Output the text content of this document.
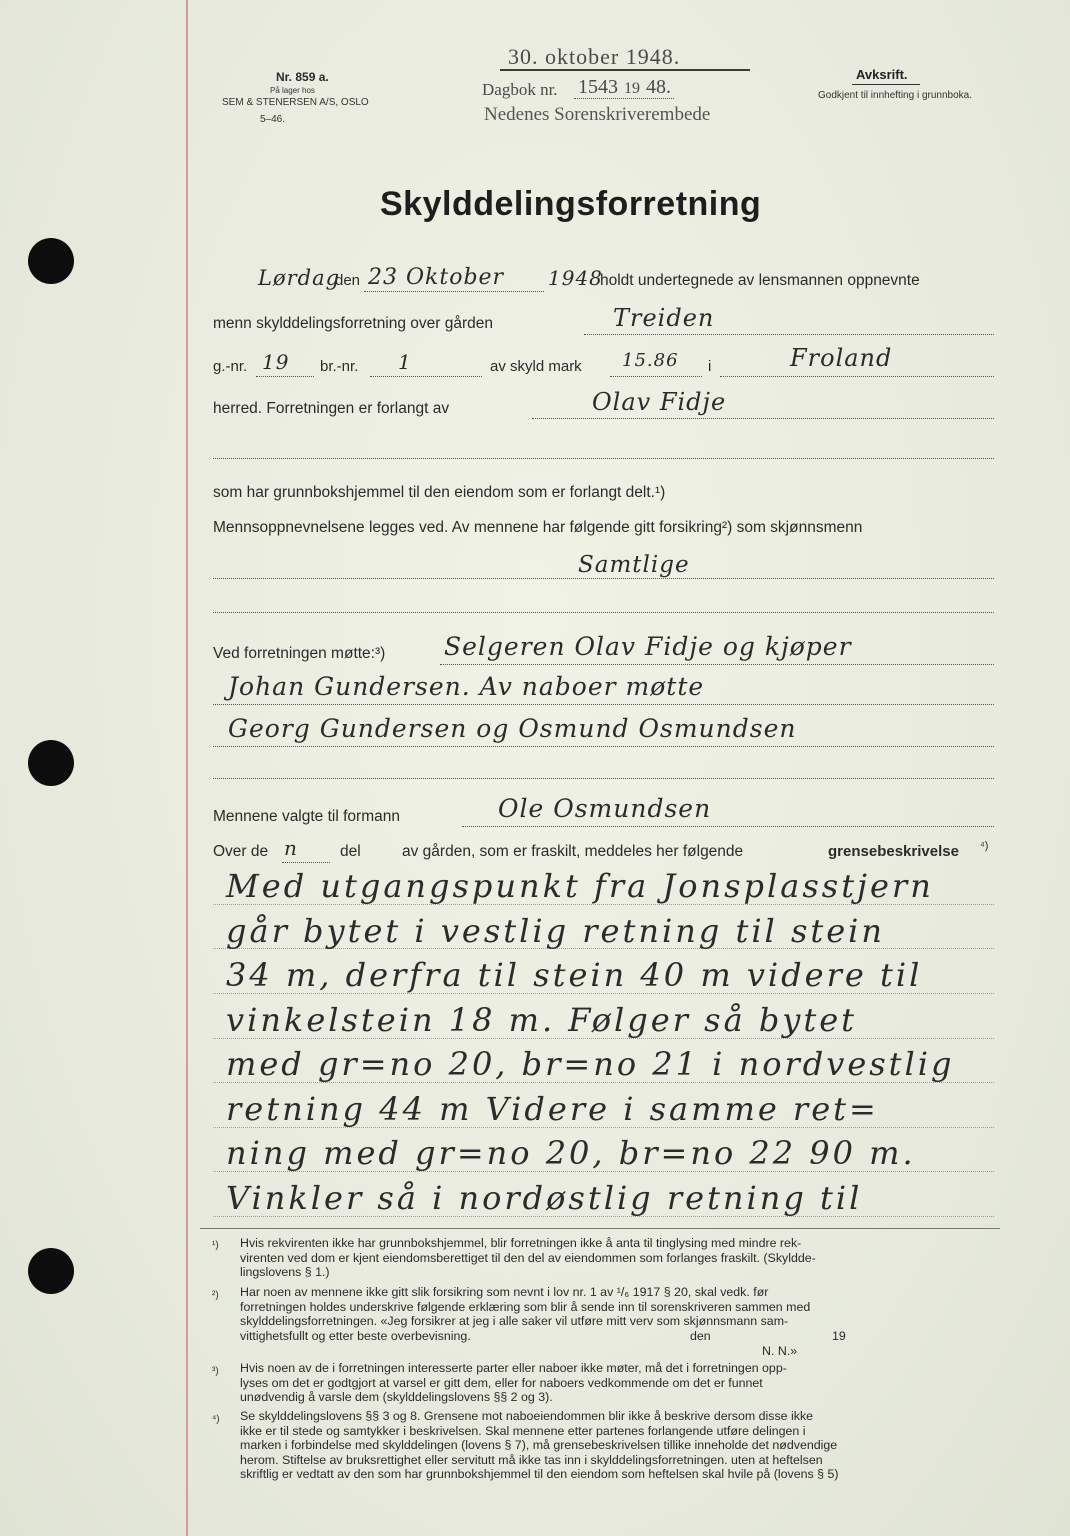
Nr. 859 a.
På lager hos
SEM & STENERSEN A/S, OSLO
5–46.
30. oktober 1948.
Dagbok nr. 1543 19 48.
Nedenes Sorenskriverembede
Avksrift.
Godkjent til innhefting i grunnboka.
Skylddelingsforretning
Lørdag
den 23 Oktober 1948
holdt undertegnede av lensmannen oppnevnte
menn skylddelingsforretning over gården	Treiden
g.-nr. 19 br.-nr. 1	av skyld mark 15.86 i	Froland
herred. Forretningen er forlangt av	Olav Fidje
som har grunnbokshjemmel til den eiendom som er forlangt delt.¹)
Mennsoppnevnelsene legges ved. Av mennene har følgende gitt forsikring²) som skjønnsmenn
Samtlige
Ved forretningen møtte:³) Selgeren Olav Fidje og kjøper
Johan Gundersen. Av naboer møtte
Georg Gundersen og Osmund Osmundsen
Mennene valgte til formann	Ole Osmundsen
Over de n	del	av gården, som er fraskilt, meddeles her følgende	grensebeskrivelse ⁴)
Med utgangspunkt fra Jonsplasstjern
går bytet i vestlig retning til stein
34 m, derfra til stein 40 m videre til
vinkelstein 18 m. Følger så bytet
med gr=no 20, br=no 21 i nordvestlig
retning 44 m Videre i samme ret=
ning med gr=no 20, br=no 22 90 m.
Vinkler så i nordøstlig retning til
¹) Hvis rekvirenten ikke har grunnbokshjemmel, blir forretningen ikke å anta til tinglysing med mindre rek-
virenten ved dom er kjent eiendomsberettiget til den del av eiendommen som forlanges fraskilt. (Skyldde-
lingslovens § 1.)
²) Har noen av mennene ikke gitt slik forsikring som nevnt i lov nr. 1 av ¹/₆ 1917 § 20, skal vedk. før
forretningen holdes underskrive følgende erklæring som blir å sende inn til sorenskriveren sammen med
skylddelingsforretningen. «Jeg forsikrer at jeg i alle saker vil utføre mitt verv som skjønnsmann sam-
vittighetsfullt og etter beste overbevisning.	den	19
N. N.»
³) Hvis noen av de i forretningen interesserte parter eller naboer ikke møter, må det i forretningen opp-
lyses om det er godtgjort at varsel er gitt dem, eller for naboers vedkommende om det er funnet
unødvendig å varsle dem (skylddelingslovens §§ 2 og 3).
⁴) Se skylddelingslovens §§ 3 og 8. Grensene mot naboeiendommen blir ikke å beskrive dersom disse ikke
ikke er til stede og samtykker i beskrivelsen. Skal mennene etter partenes forlangende utføre delingen i
marken i forbindelse med skylddelingen (lovens § 7), må grensebeskrivelsen tillike inneholde det nødvendige
herom. Stiftelse av bruksrettighet eller servitutt må ikke tas inn i skylddelingsforretningen. uten at heftelsen
skriftlig er vedtatt av den som har grunnbokshjemmel til den eiendom som heftelsen skal hvile på (lovens § 5)
